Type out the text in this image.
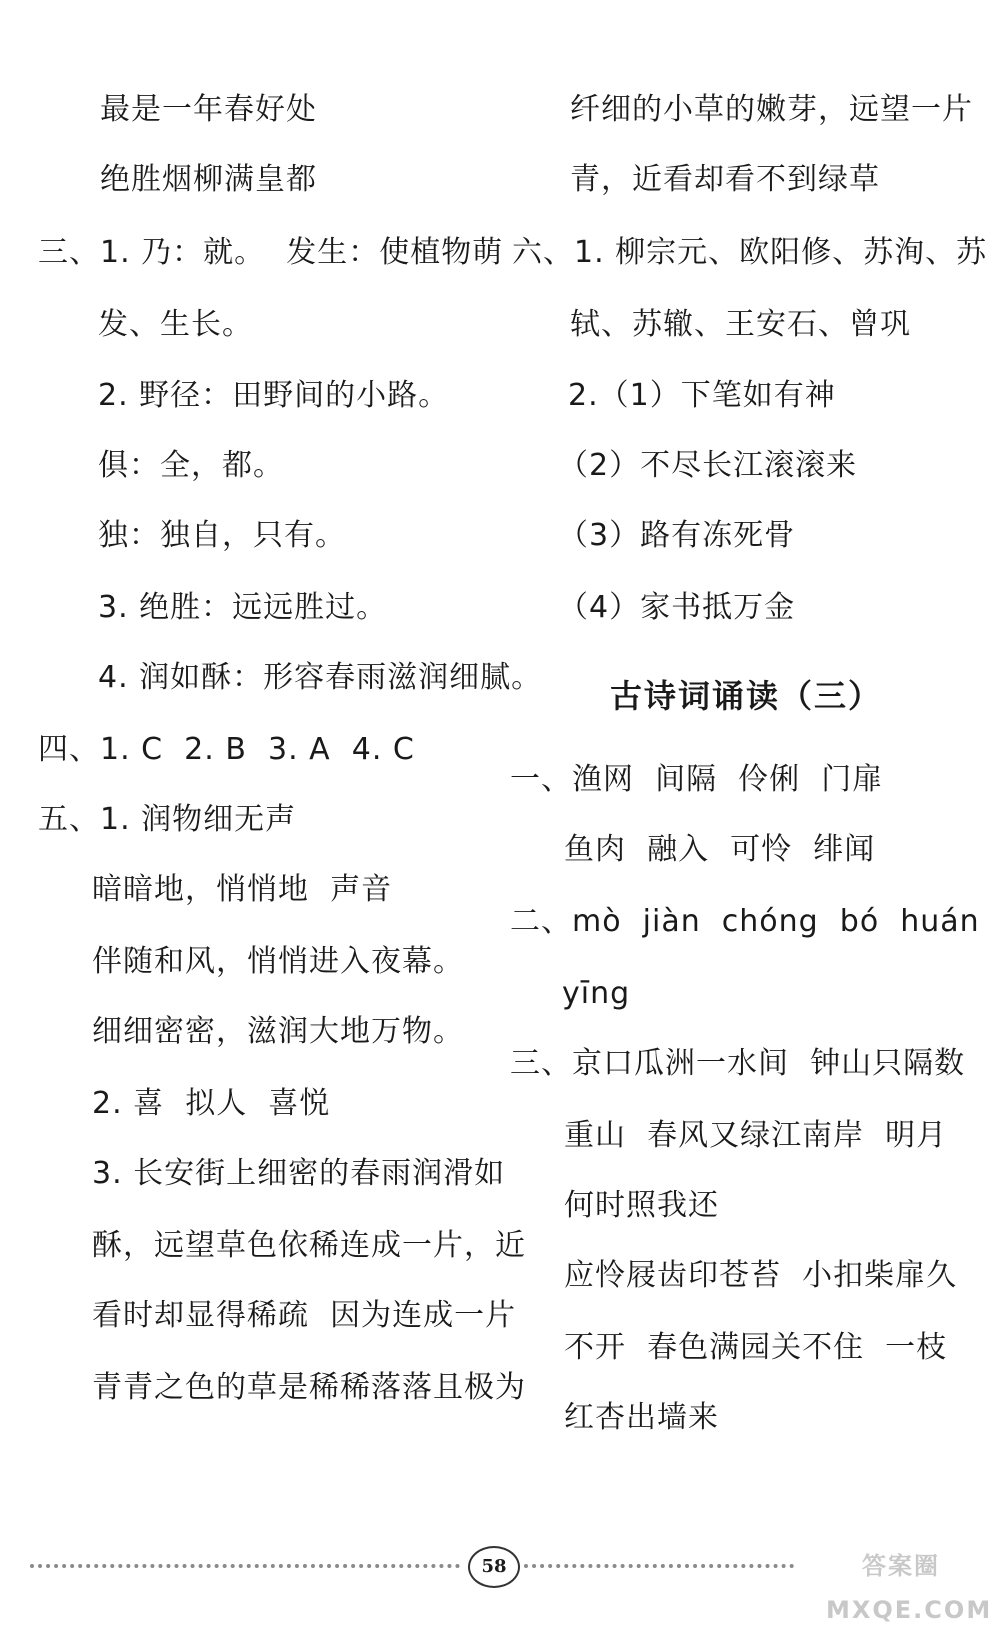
最是一年春好处
绝胜烟柳满皇都
三、1. 乃：就。  发生：使植物萌
发、生长。
2. 野径：田野间的小路。
俱：全，都。
独：独自，只有。
3. 绝胜：远远胜过。
4. 润如酥：形容春雨滋润细腻。
四、1. C  2. B  3. A  4. C
五、1. 润物细无声
暗暗地，悄悄地  声音
伴随和风，悄悄进入夜幕。
细细密密，滋润大地万物。
2. 喜  拟人  喜悦
3. 长安街上细密的春雨润滑如
酥，远望草色依稀连成一片，近
看时却显得稀疏  因为连成一片
青青之色的草是稀稀落落且极为
纤细的小草的嫩芽，远望一片
青，近看却看不到绿草
六、1. 柳宗元、欧阳修、苏洵、苏
轼、苏辙、王安石、曾巩
2.（1）下笔如有神
（2）不尽长江滚滚来
（3）路有冻死骨
（4）家书抵万金
古诗词诵读（三）
一、渔网  间隔  伶俐  门扉
鱼肉  融入  可怜  绯闻
二、mò  jiàn  chóng  bó  huán
yīng
三、京口瓜洲一水间  钟山只隔数
重山  春风又绿江南岸  明月
何时照我还
应怜屐齿印苍苔  小扣柴扉久
不开  春色满园关不住  一枝
红杏出墙来
58	答案圈 MXQE.COM
